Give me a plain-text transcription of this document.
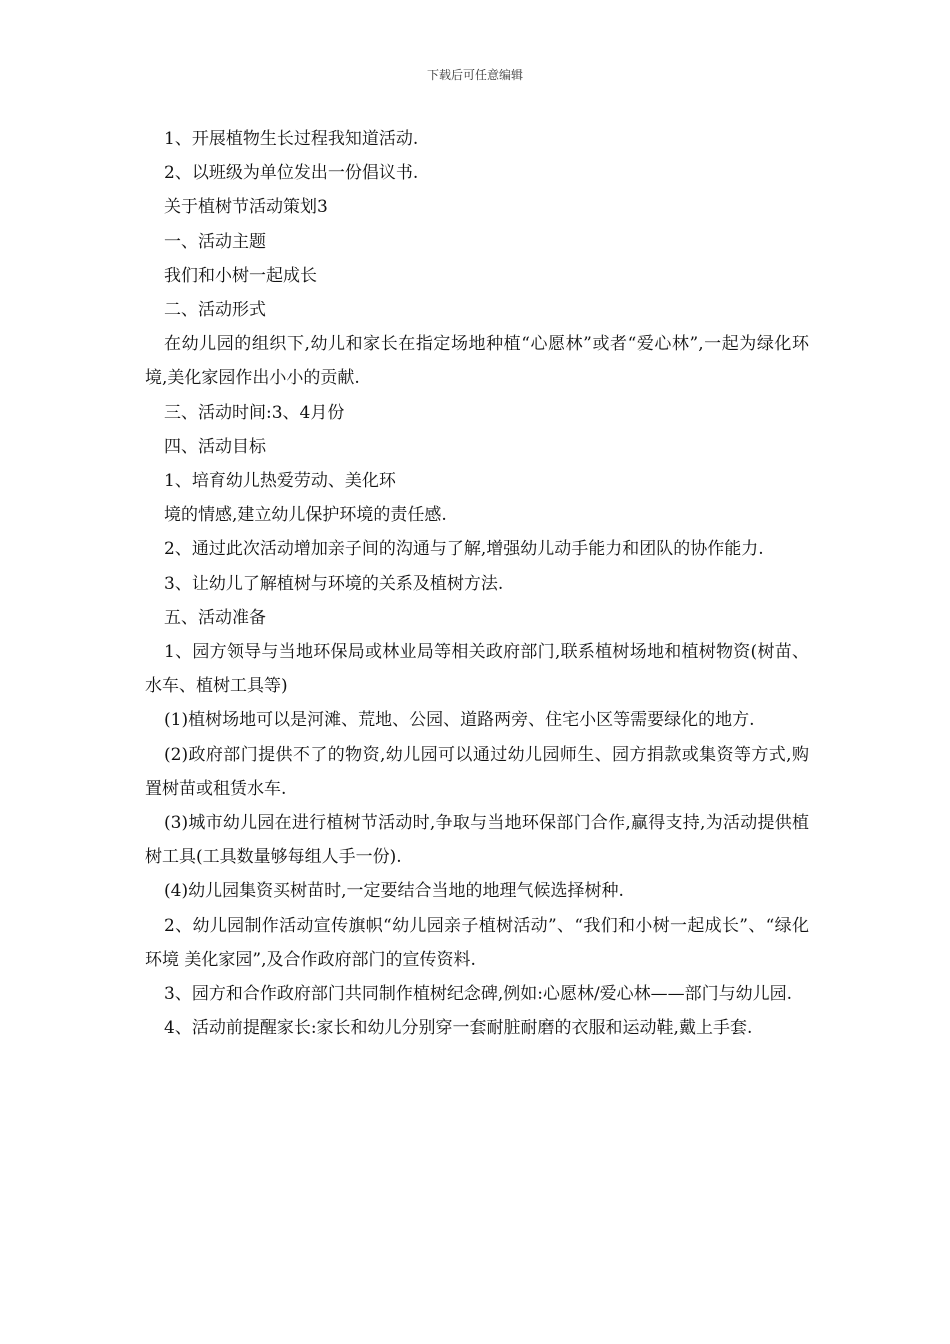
下载后可任意编辑

1、开展植物生长过程我知道活动.

2、以班级为单位发出一份倡议书.

关于植树节活动策划3

一、活动主题

我们和小树一起成长

二、活动形式

在幼儿园的组织下,幼儿和家长在指定场地种植“心愿林”或者“爱心林”,一起为绿化环境,美化家园作出小小的贡献.

三、活动时间:3、4月份

四、活动目标

1、培育幼儿热爱劳动、美化环

境的情感,建立幼儿保护环境的责任感.

2、通过此次活动增加亲子间的沟通与了解,增强幼儿动手能力和团队的协作能力.

3、让幼儿了解植树与环境的关系及植树方法.

五、活动准备

1、园方领导与当地环保局或林业局等相关政府部门,联系植树场地和植树物资(树苗、水车、植树工具等)

(1)植树场地可以是河滩、荒地、公园、道路两旁、住宅小区等需要绿化的地方.

(2)政府部门提供不了的物资,幼儿园可以通过幼儿园师生、园方捐款或集资等方式,购置树苗或租赁水车.

(3)城市幼儿园在进行植树节活动时,争取与当地环保部门合作,赢得支持,为活动提供植树工具(工具数量够每组人手一份).

(4)幼儿园集资买树苗时,一定要结合当地的地理气候选择树种.

2、幼儿园制作活动宣传旗帜“幼儿园亲子植树活动”、“我们和小树一起成长”、“绿化环境 美化家园”,及合作政府部门的宣传资料.

3、园方和合作政府部门共同制作植树纪念碑,例如:心愿林/爱心林——部门与幼儿园.

4、活动前提醒家长:家长和幼儿分别穿一套耐脏耐磨的衣服和运动鞋,戴上手套.
